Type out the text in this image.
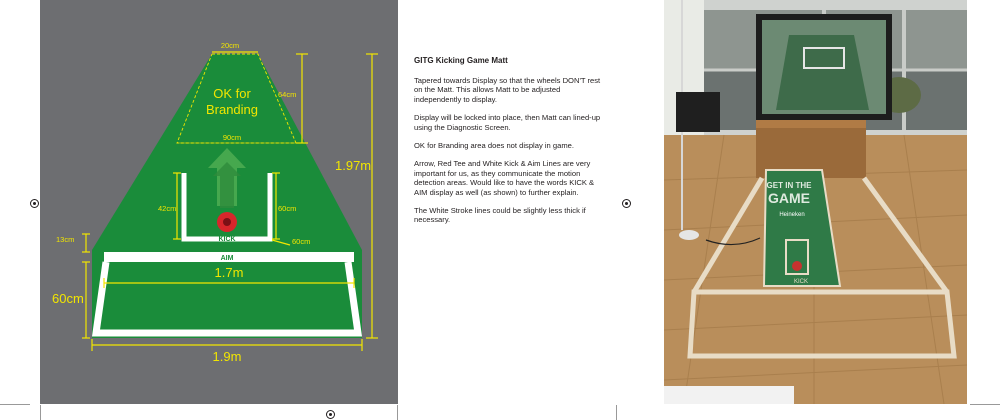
KICK
AIM
OK for
Branding
20cm
64cm
90cm
1.97m
42cm	60cm
60cm
13cm
60cm
1.7m
1.9m
GITG Kicking Game Matt

Tapered towards Display so that the wheels DON'T rest on the Matt. This allows Matt to be adjusted independently to display.

Display will be locked into place, then Matt can lined-up using the Diagnostic Screen.

OK for Branding area does not display in game.

Arrow, Red Tee and White Kick & Aim Lines are very important for us, as they communicate the motion detection areas. Would like to have the words KICK & AIM display as well (as shown) to further explain.

The White Stroke lines could be slightly less thick if necessary.

GET IN THE
GAME
Heineken
KICK
